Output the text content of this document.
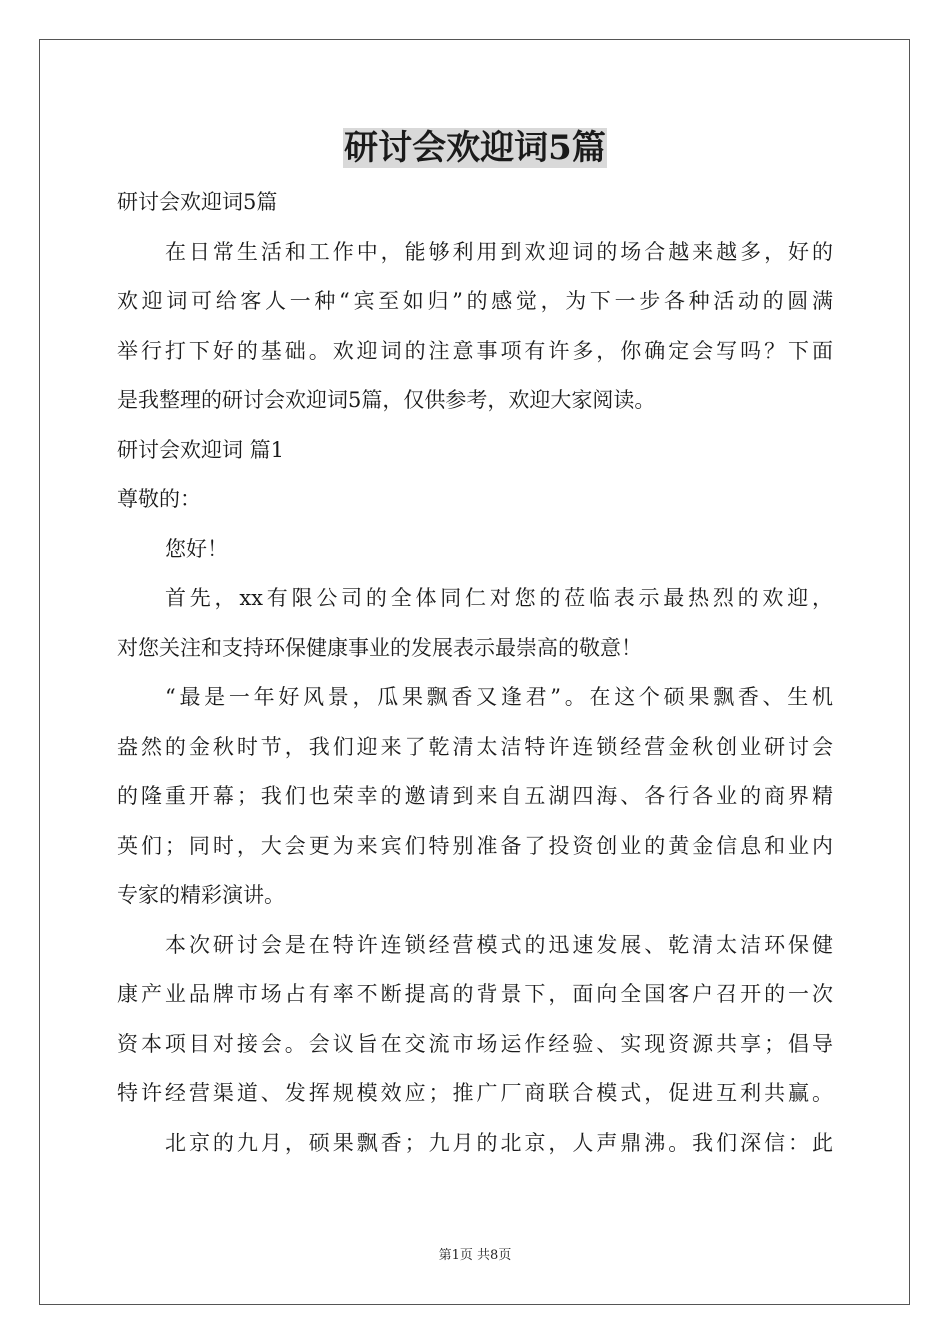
研讨会欢迎词5篇
研讨会欢迎词5篇
在日常生活和工作中，能够利用到欢迎词的场合越来越多，好的
欢迎词可给客人一种“宾至如归”的感觉，为下一步各种活动的圆满
举行打下好的基础。欢迎词的注意事项有许多，你确定会写吗？下面
是我整理的研讨会欢迎词5篇，仅供参考，欢迎大家阅读。
研讨会欢迎词 篇1
尊敬的：
您好！
首先，xx有限公司的全体同仁对您的莅临表示最热烈的欢迎，
对您关注和支持环保健康事业的发展表示最崇高的敬意！
“最是一年好风景，瓜果飘香又逢君”。在这个硕果飘香、生机
盎然的金秋时节，我们迎来了乾清太洁特许连锁经营金秋创业研讨会
的隆重开幕；我们也荣幸的邀请到来自五湖四海、各行各业的商界精
英们；同时，大会更为来宾们特别准备了投资创业的黄金信息和业内
专家的精彩演讲。
本次研讨会是在特许连锁经营模式的迅速发展、乾清太洁环保健
康产业品牌市场占有率不断提高的背景下，面向全国客户召开的一次
资本项目对接会。会议旨在交流市场运作经验、实现资源共享；倡导
特许经营渠道、发挥规模效应；推广厂商联合模式，促进互利共赢。
北京的九月，硕果飘香；九月的北京，人声鼎沸。我们深信：此
第1页 共8页
